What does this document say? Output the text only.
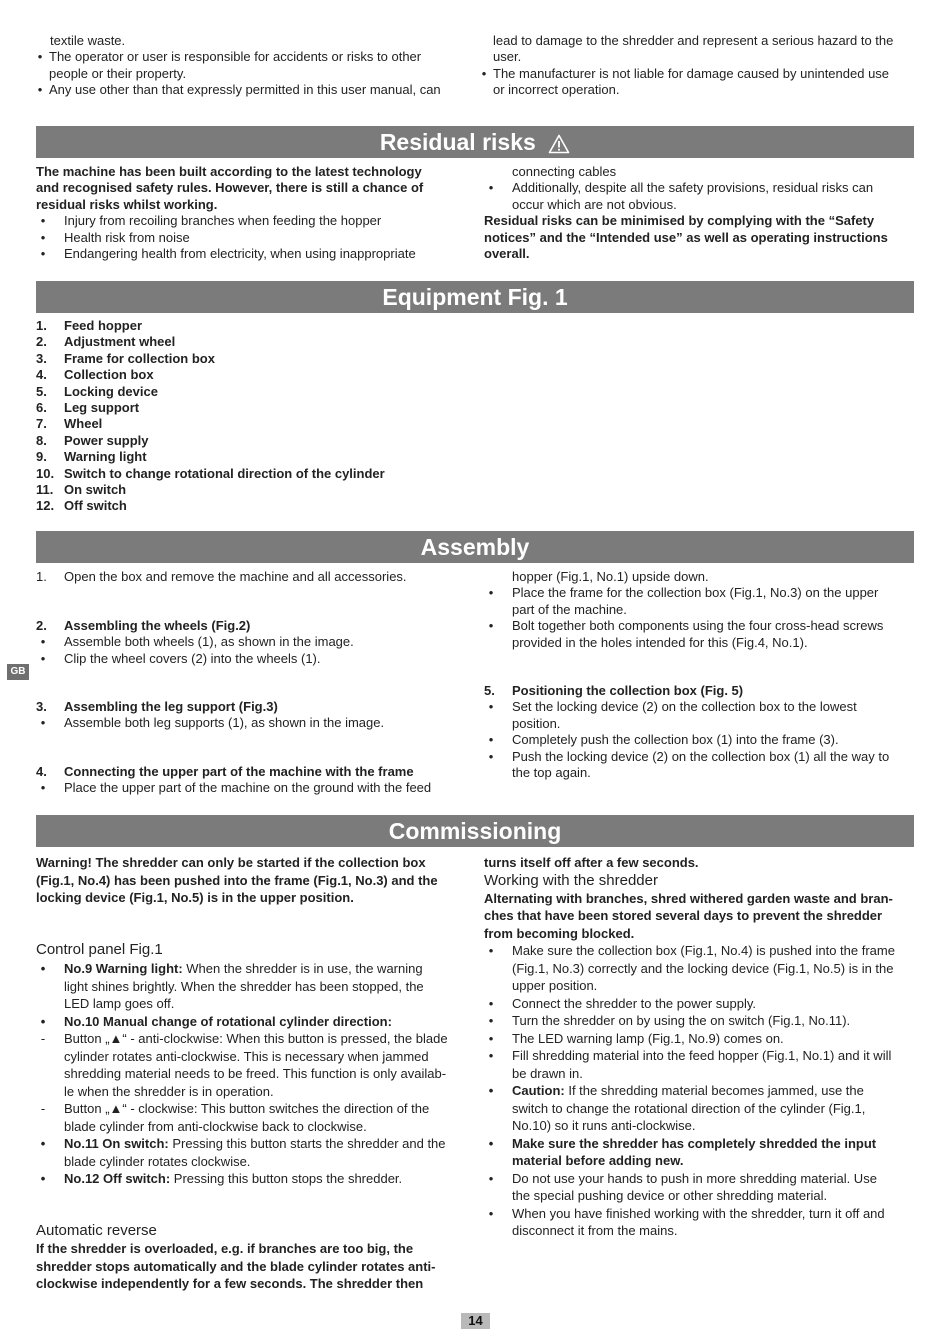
textile waste.
• The operator or user is responsible for accidents or risks to other
people or their property.
• Any use other than that expressly permitted in this user manual, can
lead to damage to the shredder and represent a serious hazard to the
user.
• The manufacturer is not liable for damage caused by unintended use
or incorrect operation.
Residual risks
The machine has been built according to the latest technology
and recognised safety rules. However, there is still a chance of
residual risks whilst working.
•	Injury from recoiling branches when feeding the hopper
•	Health risk from noise
•	Endangering health from electricity, when using inappropriate
connecting cables
•	Additionally, despite all the safety provisions, residual risks can
occur which are not obvious.
Residual risks can be minimised by complying with the “Safety
notices” and the “Intended use” as well as operating instructions
overall.
Equipment Fig. 1
1. Feed hopper
2. Adjustment wheel
3. Frame for collection box
4. Collection box
5. Locking device
6. Leg support
7. Wheel
8. Power supply
9. Warning light
10. Switch to change rotational direction of the cylinder
11. On switch
12. Off switch
Assembly
1. Open the box and remove the machine and all accessories.
2. Assembling the wheels (Fig.2)
•	Assemble both wheels (1), as shown in the image.
•	Clip the wheel covers (2) into the wheels (1).
3. Assembling the leg support (Fig.3)
•	Assemble both leg supports (1), as shown in the image.
4. Connecting the upper part of the machine with the frame
•	Place the upper part of the machine on the ground with the feed
hopper (Fig.1, No.1) upside down.
•	Place the frame for the collection box (Fig.1, No.3) on the upper
part of the machine.
•	Bolt together both components using the four cross-head screws
provided in the holes intended for this (Fig.4, No.1).
5. Positioning the collection box (Fig. 5)
•	Set the locking device (2) on the collection box to the lowest
position.
•	Completely push the collection box (1) into the frame (3).
•	Push the locking device (2) on the collection box (1) all the way to
the top again.
GB
Commissioning
Warning! The shredder can only be started if the collection box
(Fig.1, No.4) has been pushed into the frame (Fig.1, No.3) and the
locking device (Fig.1, No.5) is in the upper position.
Control panel Fig.1
•	No.9 Warning light: When the shredder is in use, the warning
light shines brightly. When the shredder has been stopped, the
LED lamp goes off.
•	No.10 Manual change of rotational cylinder direction:
-	Button „▲“ - anti-clockwise: When this button is pressed, the blade
cylinder rotates anti-clockwise. This is necessary when jammed
shredding material needs to be freed. This function is only availab-
le when the shredder is in operation.
-	Button „▲“ - clockwise: This button switches the direction of the
blade cylinder from anti-clockwise back to clockwise.
•	No.11 On switch: Pressing this button starts the shredder and the
blade cylinder rotates clockwise.
•	No.12 Off switch: Pressing this button stops the shredder.
Automatic reverse
If the shredder is overloaded, e.g. if branches are too big, the
shredder stops automatically and the blade cylinder rotates anti-
clockwise independently for a few seconds. The shredder then
turns itself off after a few seconds.
Working with the shredder
Alternating with branches, shred withered garden waste and bran-
ches that have been stored several days to prevent the shredder
from becoming blocked.
•	Make sure the collection box (Fig.1, No.4) is pushed into the frame
(Fig.1, No.3) correctly and the locking device (Fig.1, No.5) is in the
upper position.
•	Connect the shredder to the power supply.
•	Turn the shredder on by using the on switch (Fig.1, No.11).
•	The LED warning lamp (Fig.1, No.9) comes on.
•	Fill shredding material into the feed hopper (Fig.1, No.1) and it will
be drawn in.
•	Caution: If the shredding material becomes jammed, use the
switch to change the rotational direction of the cylinder (Fig.1,
No.10) so it runs anti-clockwise.
•	Make sure the shredder has completely shredded the input
material before adding new.
•	Do not use your hands to push in more shredding material. Use
the special pushing device or other shredding material.
•	When you have finished working with the shredder, turn it off and
disconnect it from the mains.
14
